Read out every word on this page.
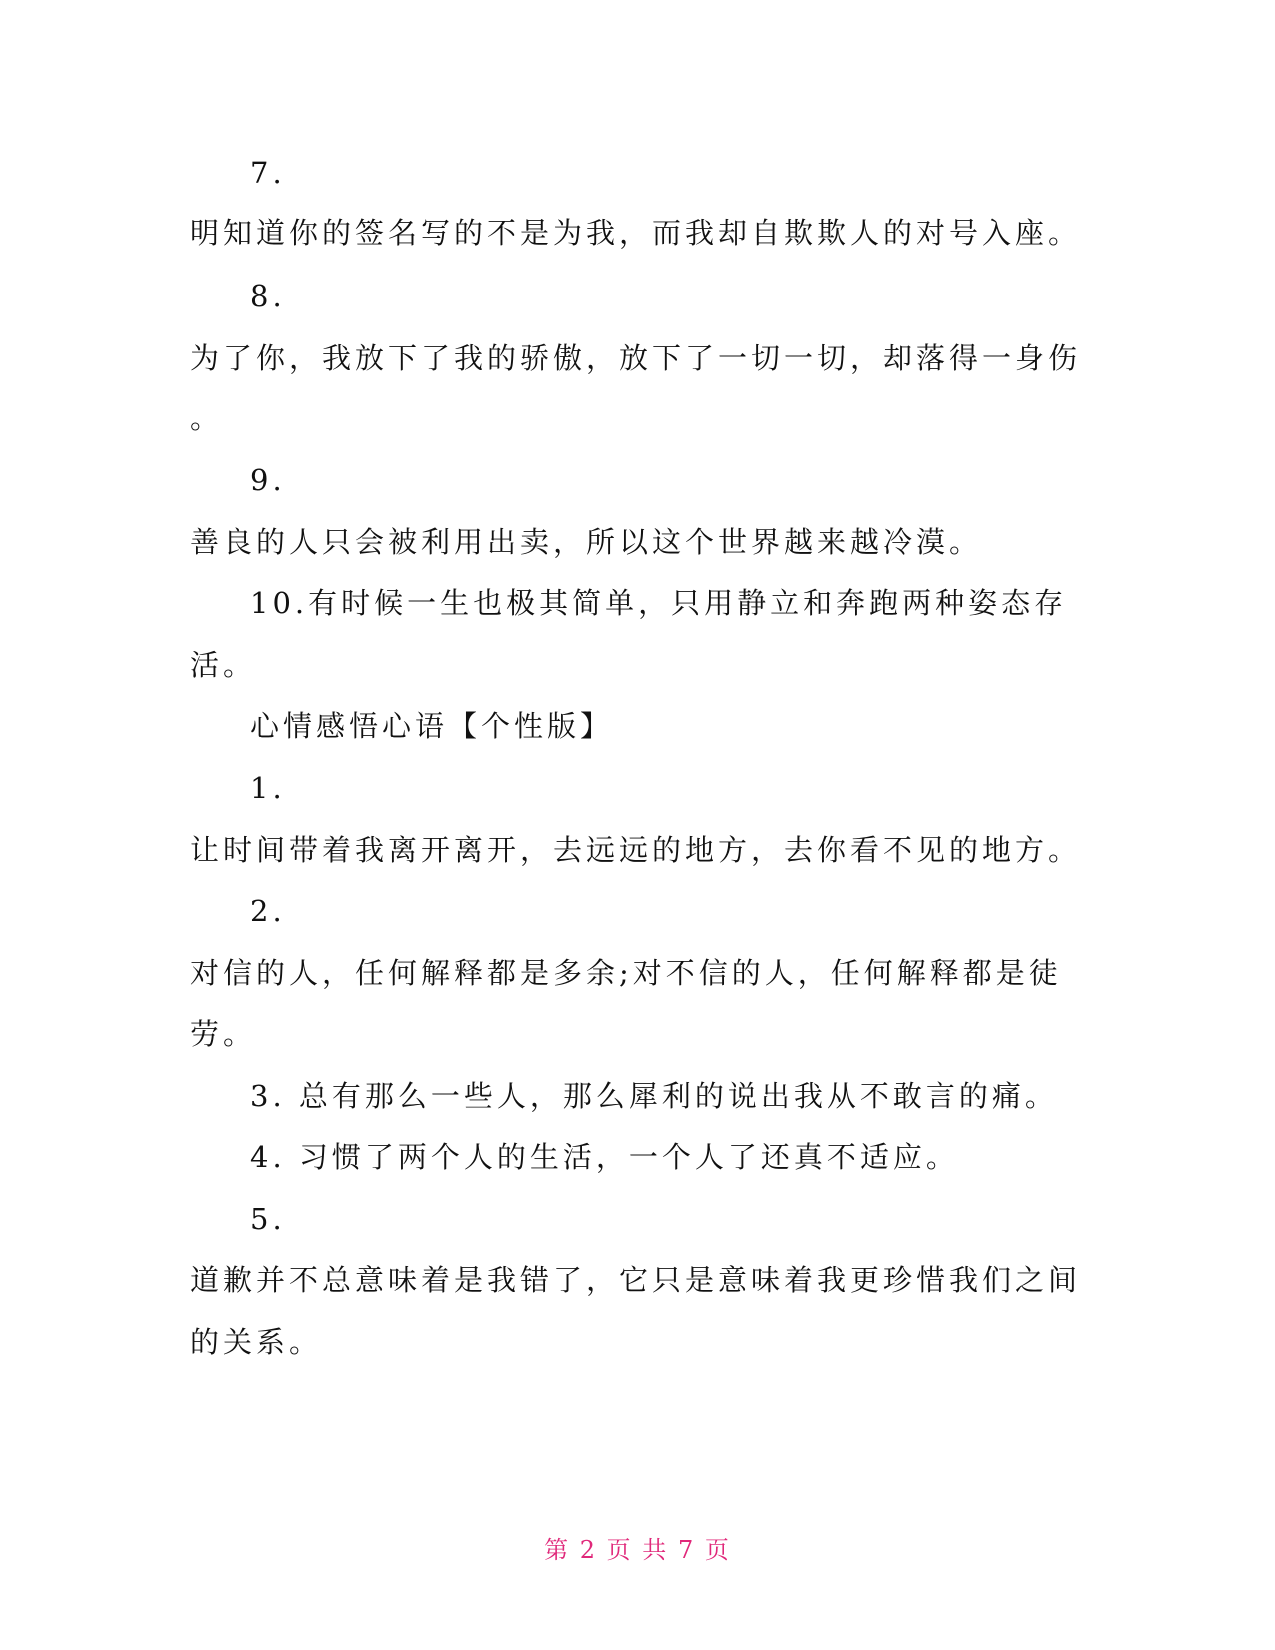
7.
明知道你的签名写的不是为我，而我却自欺欺人的对号入座。
8.
为了你，我放下了我的骄傲，放下了一切一切，却落得一身伤
。
9.
善良的人只会被利用出卖，所以这个世界越来越冷漠。
10.有时候一生也极其简单，只用静立和奔跑两种姿态存
活。
心情感悟心语【个性版】
1.
让时间带着我离开离开，去远远的地方，去你看不见的地方。
2.
对信的人，任何解释都是多余;对不信的人，任何解释都是徒
劳。
3. 总有那么一些人，那么犀利的说出我从不敢言的痛。
4. 习惯了两个人的生活，一个人了还真不适应。
5.
道歉并不总意味着是我错了，它只是意味着我更珍惜我们之间
的关系。
第 2 页 共 7 页
